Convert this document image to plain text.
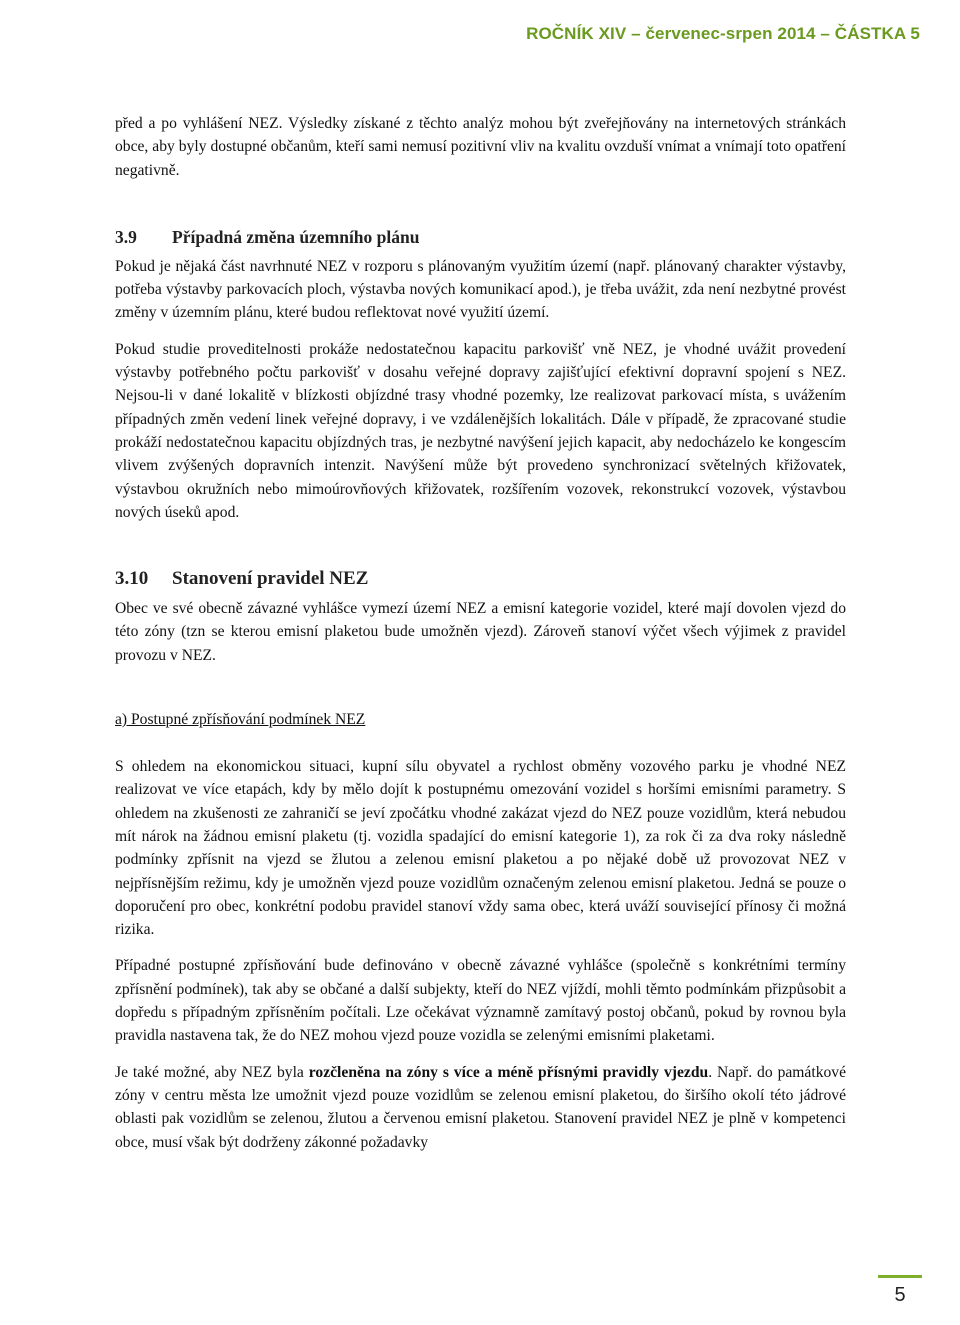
ROČNÍK XIV – červenec-srpen 2014 – ČÁSTKA 5

před a po vyhlášení NEZ. Výsledky získané z těchto analýz mohou být zveřejňovány na internetových stránkách obce, aby byly dostupné občanům, kteří sami nemusí pozitivní vliv na kvalitu ovzduší vnímat a vnímají toto opatření negativně.

3.9 Případná změna územního plánu

Pokud je nějaká část navrhnuté NEZ v rozporu s plánovaným využitím území (např. plánovaný charakter výstavby, potřeba výstavby parkovacích ploch, výstavba nových komunikací apod.), je třeba uvážit, zda není nezbytné provést změny v územním plánu, které budou reflektovat nové využití území.

Pokud studie proveditelnosti prokáže nedostatečnou kapacitu parkovišť vně NEZ, je vhodné uvážit provedení výstavby potřebného počtu parkovišť v dosahu veřejné dopravy zajišťující efektivní dopravní spojení s NEZ. Nejsou-li v dané lokalitě v blízkosti objízdné trasy vhodné pozemky, lze realizovat parkovací místa, s uvážením případných změn vedení linek veřejné dopravy, i ve vzdálenějších lokalitách. Dále v případě, že zpracované studie prokáží nedostatečnou kapacitu objízdných tras, je nezbytné navýšení jejich kapacit, aby nedocházelo ke kongescím vlivem zvýšených dopravních intenzit. Navýšení může být provedeno synchronizací světelných křižovatek, výstavbou okružních nebo mimoúrovňových křižovatek, rozšířením vozovek, rekonstrukcí vozovek, výstavbou nových úseků apod.

3.10 Stanovení pravidel NEZ

Obec ve své obecně závazné vyhlášce vymezí území NEZ a emisní kategorie vozidel, které mají dovolen vjezd do této zóny (tzn se kterou emisní plaketou bude umožněn vjezd). Zároveň stanoví výčet všech výjimek z pravidel provozu v NEZ.

a) Postupné zpřísňování podmínek NEZ

S ohledem na ekonomickou situaci, kupní sílu obyvatel a rychlost obměny vozového parku je vhodné NEZ realizovat ve více etapách, kdy by mělo dojít k postupnému omezování vozidel s horšími emisními parametry. S ohledem na zkušenosti ze zahraničí se jeví zpočátku vhodné zakázat vjezd do NEZ pouze vozidlům, která nebudou mít nárok na žádnou emisní plaketu (tj. vozidla spadající do emisní kategorie 1), za rok či za dva roky následně podmínky zpřísnit na vjezd se žlutou a zelenou emisní plaketou a po nějaké době už provozovat NEZ v nejpřísnějším režimu, kdy je umožněn vjezd pouze vozidlům označeným zelenou emisní plaketou. Jedná se pouze o doporučení pro obec, konkrétní podobu pravidel stanoví vždy sama obec, která uváží související přínosy či možná rizika.

Případné postupné zpřísňování bude definováno v obecně závazné vyhlášce (společně s konkrétními termíny zpřísnění podmínek), tak aby se občané a další subjekty, kteří do NEZ vjíždí, mohli těmto podmínkám přizpůsobit a dopředu s případným zpřísněním počítali. Lze očekávat významně zamítavý postoj občanů, pokud by rovnou byla pravidla nastavena tak, že do NEZ mohou vjezd pouze vozidla se zelenými emisními plaketami.

Je také možné, aby NEZ byla rozčleněna na zóny s více a méně přísnými pravidly vjezdu. Např. do památkové zóny v centru města lze umožnit vjezd pouze vozidlům se zelenou emisní plaketou, do širšího okolí této jádrové oblasti pak vozidlům se zelenou, žlutou a červenou emisní plaketou. Stanovení pravidel NEZ je plně v kompetenci obce, musí však být dodrženy zákonné požadavky

5
